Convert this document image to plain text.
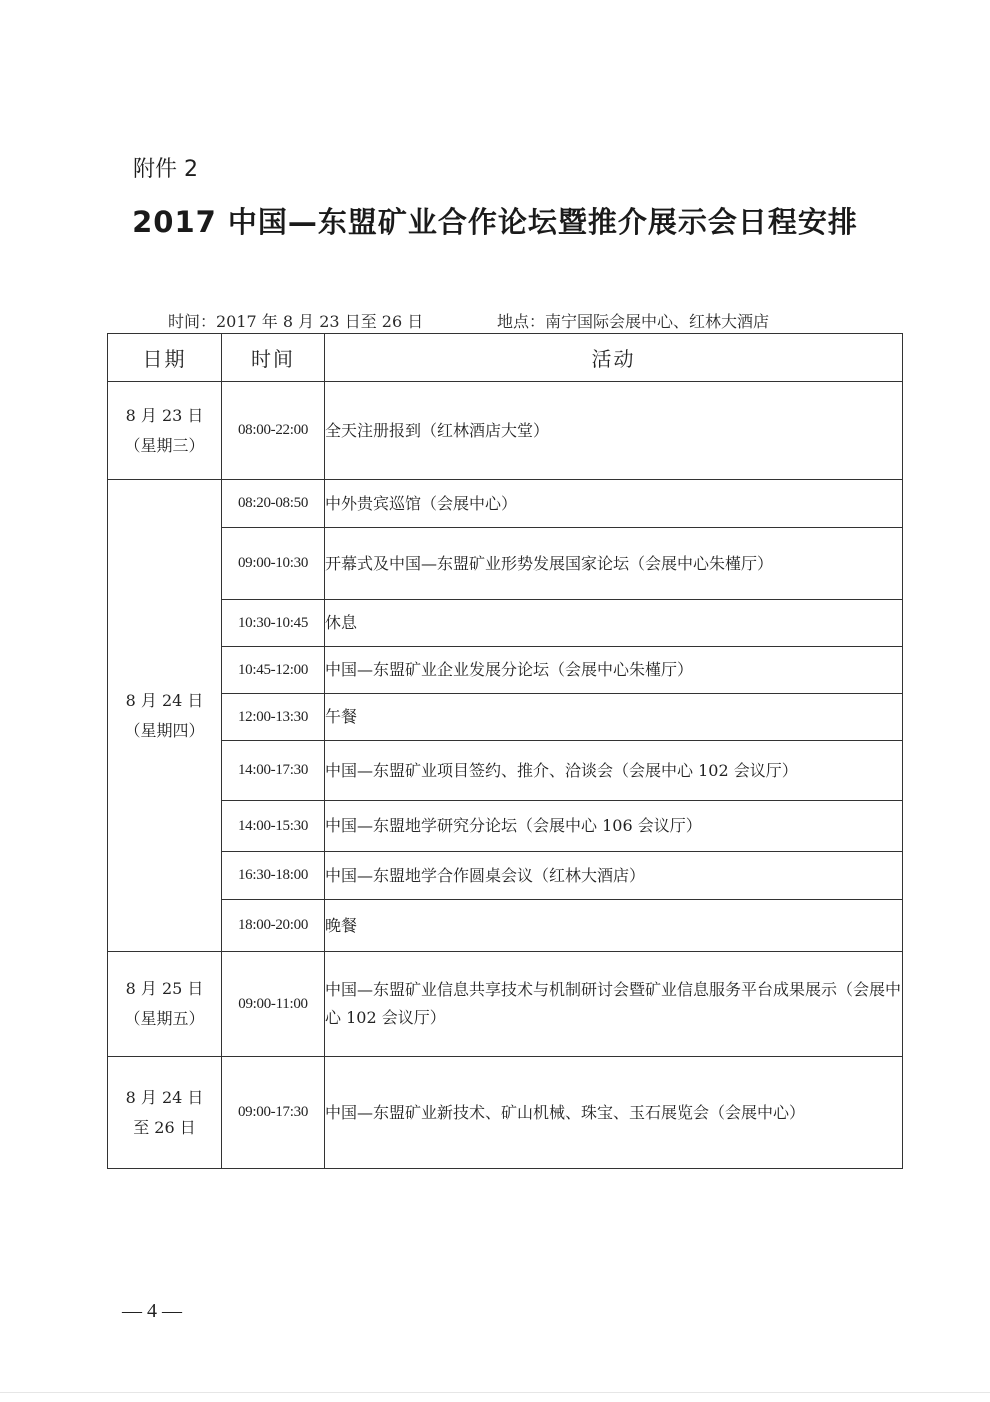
附件 2
2017 中国—东盟矿业合作论坛暨推介展示会日程安排
时间：2017 年 8 月 23 日至 26 日	地点：南宁国际会展中心、红林大酒店
日期	时间	活动

8 月 23 日
（星期三）	08:00-22:00	全天注册报到（红林酒店大堂）

8 月 24 日
（星期四）	08:20-08:50	中外贵宾巡馆（会展中心）
	09:00-10:30	开幕式及中国—东盟矿业形势发展国家论坛（会展中心朱槿厅）
	10:30-10:45	休息
	10:45-12:00	中国—东盟矿业企业发展分论坛（会展中心朱槿厅）
	12:00-13:30	午餐
	14:00-17:30	中国—东盟矿业项目签约、推介、洽谈会（会展中心 102 会议厅）
	14:00-15:30	中国—东盟地学研究分论坛（会展中心 106 会议厅）
	16:30-18:00	中国—东盟地学合作圆桌会议（红林大酒店）
	18:00-20:00	晚餐

8 月 25 日
（星期五）	09:00-11:00	中国—东盟矿业信息共享技术与机制研讨会暨矿业信息服务平台成果展示（会展中心 102 会议厅）

8 月 24 日
至 26 日	09:00-17:30	中国—东盟矿业新技术、矿山机械、珠宝、玉石展览会（会展中心）
— 4 —
